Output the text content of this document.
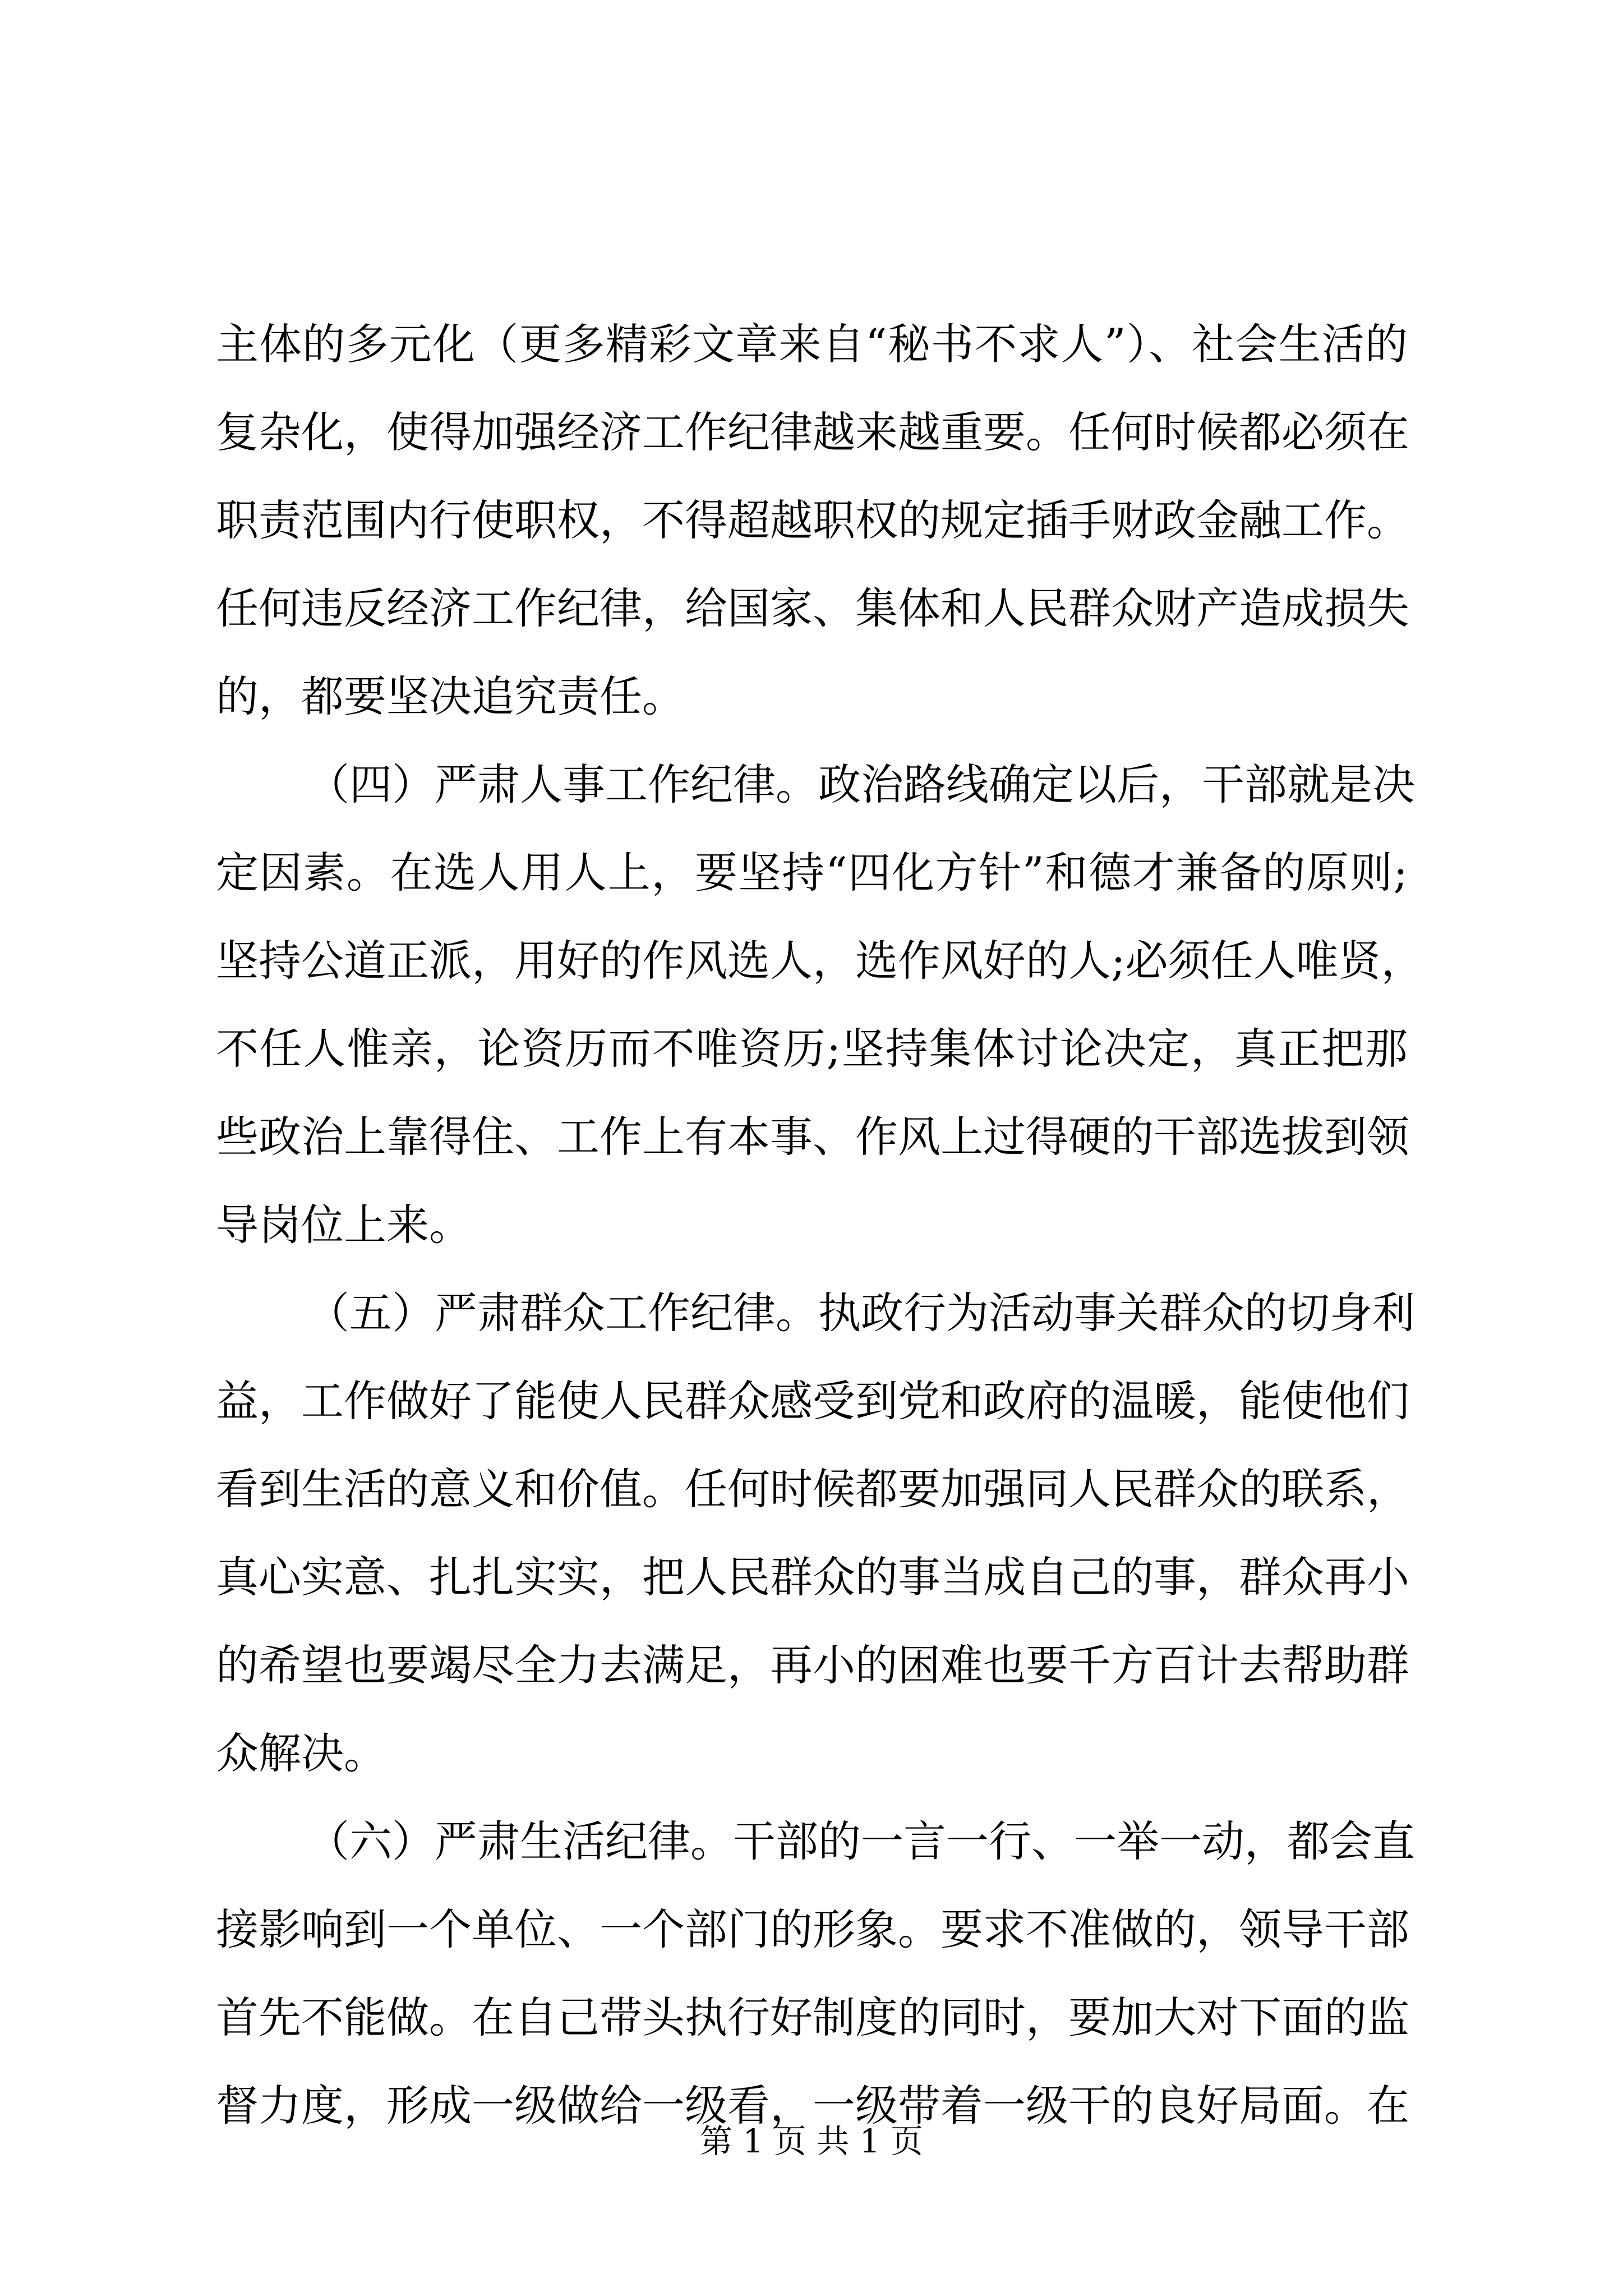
主体的多元化（更多精彩文章来自“秘书不求人”）、社会生活的
复杂化，使得加强经济工作纪律越来越重要。任何时候都必须在
职责范围内行使职权，不得超越职权的规定插手财政金融工作。
任何违反经济工作纪律，给国家、集体和人民群众财产造成损失
的，都要坚决追究责任。
（四）严肃人事工作纪律。政治路线确定以后，干部就是决
定因素。在选人用人上，要坚持“四化方针”和德才兼备的原则;
坚持公道正派，用好的作风选人，选作风好的人;必须任人唯贤，
不任人惟亲，论资历而不唯资历;坚持集体讨论决定，真正把那
些政治上靠得住、工作上有本事、作风上过得硬的干部选拔到领
导岗位上来。
（五）严肃群众工作纪律。执政行为活动事关群众的切身利
益，工作做好了能使人民群众感受到党和政府的温暖，能使他们
看到生活的意义和价值。任何时候都要加强同人民群众的联系，
真心实意、扎扎实实，把人民群众的事当成自己的事，群众再小
的希望也要竭尽全力去满足，再小的困难也要千方百计去帮助群
众解决。
（六）严肃生活纪律。干部的一言一行、一举一动，都会直
接影响到一个单位、一个部门的形象。要求不准做的，领导干部
首先不能做。在自己带头执行好制度的同时，要加大对下面的监
督力度，形成一级做给一级看，一级带着一级干的良好局面。在
第 1 页 共 1 页
